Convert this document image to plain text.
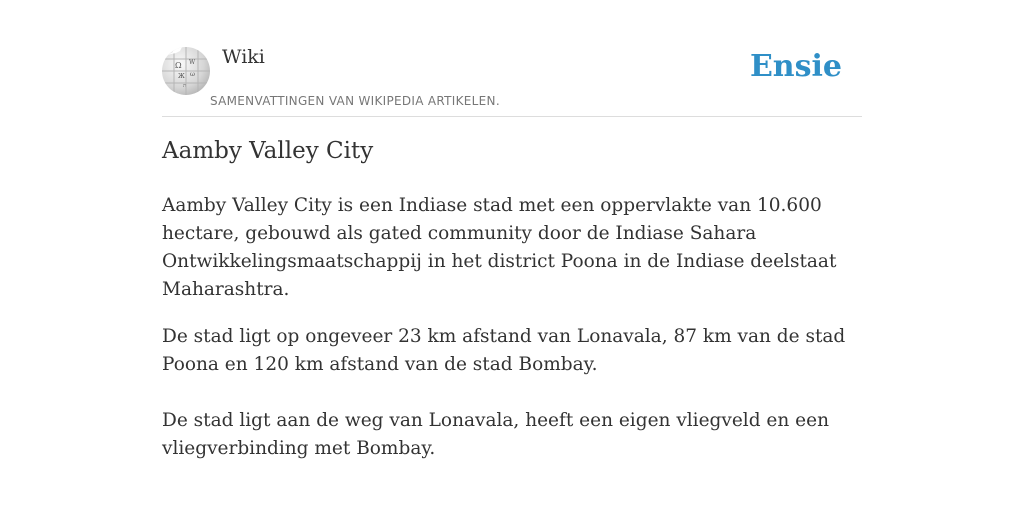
Ω W
Ж ω
ת
Wiki
SAMENVATTINGEN VAN WIKIPEDIA ARTIKELEN.
Ensie
Aamby Valley City

Aamby Valley City is een Indiase stad met een oppervlakte van 10.600 hectare, gebouwd als gated community door de Indiase Sahara Ontwikkelingsmaatschappij in het district Poona in de Indiase deelstaat Maharashtra.

De stad ligt op ongeveer 23 km afstand van Lonavala, 87 km van de stad Poona en 120 km afstand van de stad Bombay.

De stad ligt aan de weg van Lonavala, heeft een eigen vliegveld en een vliegverbinding met Bombay.
